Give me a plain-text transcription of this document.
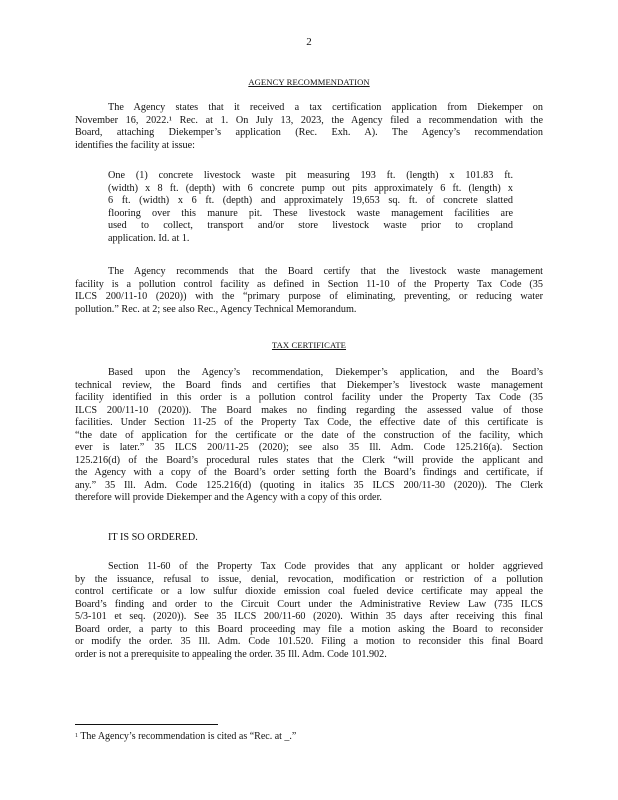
2
AGENCY RECOMMENDATION
The Agency states that it received a tax certification application from Diekemper on
November 16, 2022.¹ Rec. at 1. On July 13, 2023, the Agency filed a recommendation with the
Board, attaching Diekemper’s application (Rec. Exh. A). The Agency’s recommendation
identifies the facility at issue:
One (1) concrete livestock waste pit measuring 193 ft. (length) x 101.83 ft.
(width) x 8 ft. (depth) with 6 concrete pump out pits approximately 6 ft. (length) x
6 ft. (width) x 6 ft. (depth) and approximately 19,653 sq. ft. of concrete slatted
flooring over this manure pit. These livestock waste management facilities are
used to collect, transport and/or store livestock waste prior to cropland
application. Id. at 1.
The Agency recommends that the Board certify that the livestock waste management
facility is a pollution control facility as defined in Section 11-10 of the Property Tax Code (35
ILCS 200/11-10 (2020)) with the “primary purpose of eliminating, preventing, or reducing water
pollution.” Rec. at 2; see also Rec., Agency Technical Memorandum.
TAX CERTIFICATE
Based upon the Agency’s recommendation, Diekemper’s application, and the Board’s
technical review, the Board finds and certifies that Diekemper’s livestock waste management
facility identified in this order is a pollution control facility under the Property Tax Code (35
ILCS 200/11-10 (2020)). The Board makes no finding regarding the assessed value of those
facilities. Under Section 11-25 of the Property Tax Code, the effective date of this certificate is
“the date of application for the certificate or the date of the construction of the facility, which
ever is later.” 35 ILCS 200/11-25 (2020); see also 35 Ill. Adm. Code 125.216(a). Section
125.216(d) of the Board’s procedural rules states that the Clerk “will provide the applicant and
the Agency with a copy of the Board’s order setting forth the Board’s findings and certificate, if
any.” 35 Ill. Adm. Code 125.216(d) (quoting in italics 35 ILCS 200/11-30 (2020)). The Clerk
therefore will provide Diekemper and the Agency with a copy of this order.
IT IS SO ORDERED.
Section 11-60 of the Property Tax Code provides that any applicant or holder aggrieved
by the issuance, refusal to issue, denial, revocation, modification or restriction of a pollution
control certificate or a low sulfur dioxide emission coal fueled device certificate may appeal the
Board’s finding and order to the Circuit Court under the Administrative Review Law (735 ILCS
5/3-101 et seq. (2020)). See 35 ILCS 200/11-60 (2020). Within 35 days after receiving this final
Board order, a party to this Board proceeding may file a motion asking the Board to reconsider
or modify the order. 35 Ill. Adm. Code 101.520. Filing a motion to reconsider this final Board
order is not a prerequisite to appealing the order. 35 Ill. Adm. Code 101.902.
$^1$ The Agency’s recommendation is cited as “Rec. at _.”
